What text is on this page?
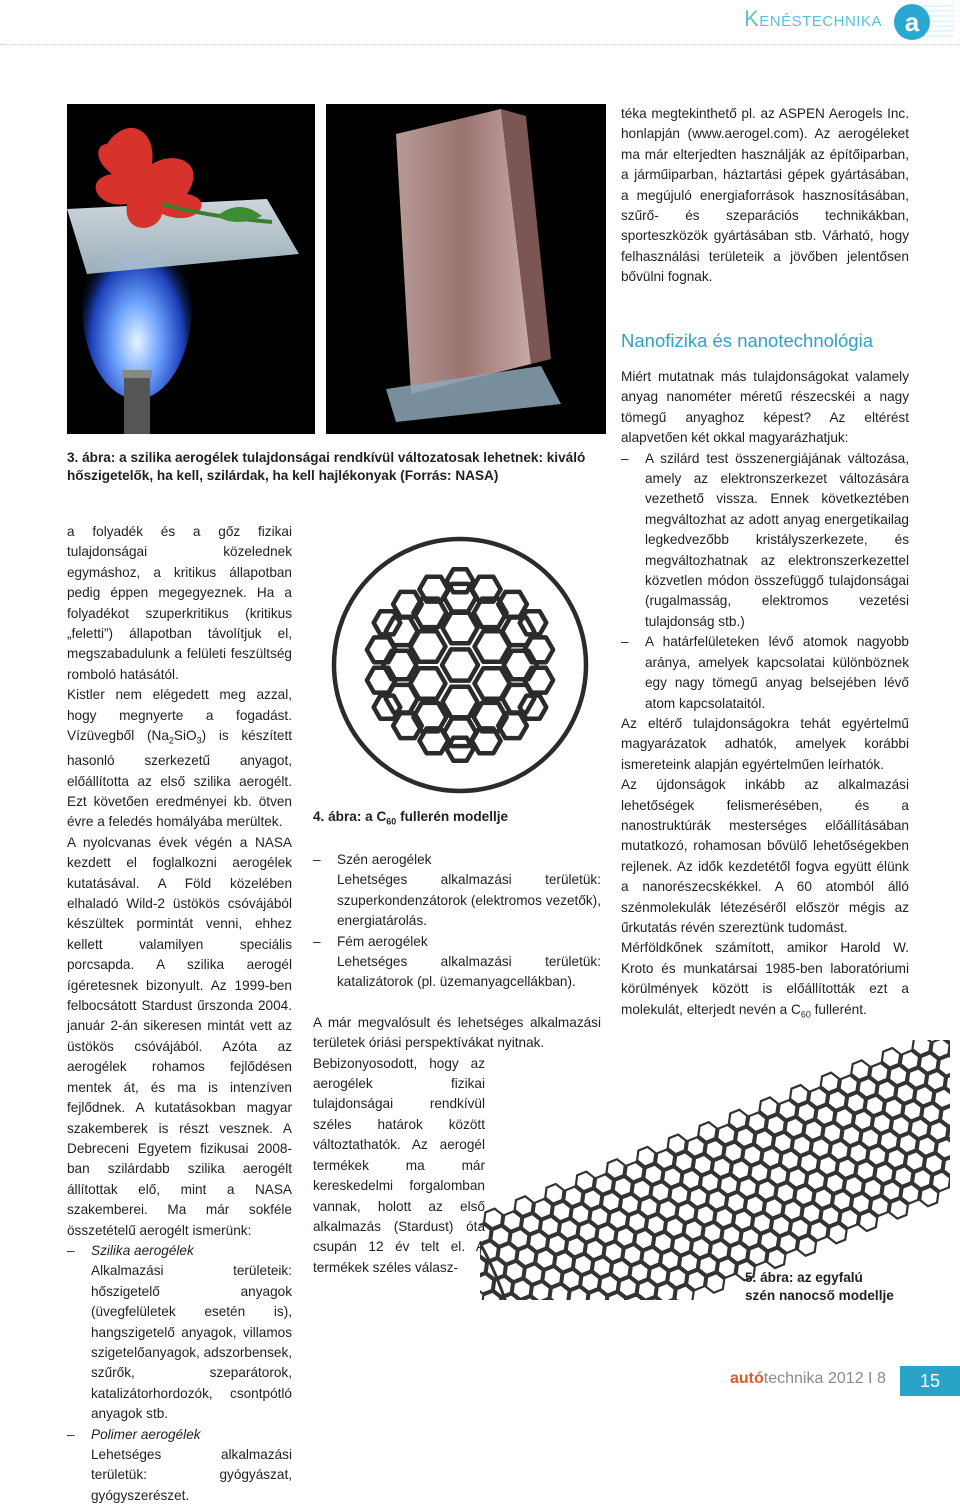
Kenéstechnika a
3. ábra: a szilika aerogélek tulajdonságai rendkívül változatosak lehetnek: kiváló hőszigetelők, ha kell, szilárdak, ha kell hajlékonyak (Forrás: NASA)

a folyadék és a gőz fizikai tulajdonságai közelednek egymáshoz, a kritikus állapotban pedig éppen megegyeznek. Ha a folyadékot szuperkritikus (kritikus „feletti”) állapotban távolítjuk el, megszabadulunk a felületi feszültség romboló hatásától.

Kistler nem elégedett meg azzal, hogy megnyerte a fogadást. Vízüvegből $(Na_2SiO_3)$ is készített hasonló szerkezetű anyagot, előállította az első szilika aerogélt. Ezt követően eredményei kb. ötven évre a feledés homályába merültek.

A nyolcvanas évek végén a NASA kezdett el foglalkozni aerogélek kutatásával. A Föld közelében elhaladó Wild-2 üstökös csóvájából készültek pormintát venni, ehhez kellett valamilyen speciális porcsapda. A szilika aerogél ígéretesnek bizonyult. Az 1999-ben felbocsátott Stardust űrszonda 2004. január 2-án sikeresen mintát vett az üstökös csóvájából. Azóta az aerogélek rohamos fejlődésen mentek át, és ma is intenzíven fejlődnek. A kutatásokban magyar szakemberek is részt vesznek. A Debreceni Egyetem fizikusai 2008-ban szilárdabb szilika aerogélt állítottak elő, mint a NASA szakemberei. Ma már sokféle összetételű aerogélt ismerünk:

– Szilika aerogélek

Alkalmazási területeik: hőszigetelő anyagok (üvegfelületek esetén is), hangszigetelő anyagok, villamos szigetelőanyagok, adszorbensek, szűrők, szeparátorok, katalizátorhordozók, csontpótló anyagok stb.

– Polimer aerogélek

Lehetséges alkalmazási területük: gyógyászat, gyógyszerészet.

4. ábra: a $C_{60}$ fullerén modellje

– Szén aerogélek

Lehetséges alkalmazási területük: szuperkondenzátorok (elektromos vezetők), energiatárolás.

– Fém aerogélek

Lehetséges alkalmazási területük: katalizátorok (pl. üzemanyagcellákban).

A már megvalósult és lehetséges alkalmazási területek óriási perspektívákat nyitnak.

Bebizonyosodott, hogy az aerogélek fizikai tulajdonságai rendkívül széles határok között változtathatók. Az aerogél termékek ma már kereskedelmi forgalomban vannak, holott az első alkalmazás (Stardust) óta csupán 12 év telt el. A termékek széles válasz-

5. ábra: az egyfalú
szén nanocső modellje

téka megtekinthető pl. az ASPEN Aerogels Inc. honlapján (www.aerogel.com). Az aerogéleket ma már elterjedten használják az építőiparban, a járműiparban, háztartási gépek gyártásában, a megújuló energiaforrások hasznosításában, szűrő- és szeparációs technikákban, sporteszközök gyártásában stb. Várható, hogy felhasználási területeik a jövőben jelentősen bővülni fognak.

Nanofizika és nanotechnológia

Miért mutatnak más tulajdonságokat valamely anyag nanométer méretű részecskéi a nagy tömegű anyaghoz képest? Az eltérést alapvetően két okkal magyarázhatjuk:

– A szilárd test összenergiájának változása, amely az elektronszerkezet változására vezethető vissza. Ennek következtében megváltozhat az adott anyag energetikailag legkedvezőbb kristályszerkezete, és megváltozhatnak az elektronszerkezettel közvetlen módon összefüggő tulajdonságai (rugalmasság, elektromos vezetési tulajdonság stb.)

– A határfelületeken lévő atomok nagyobb aránya, amelyek kapcsolatai különböznek egy nagy tömegű anyag belsejében lévő atom kapcsolataitól.

Az eltérő tulajdonságokra tehát egyértelmű magyarázatok adhatók, amelyek korábbi ismereteink alapján egyértelműen leírhatók.

Az újdonságok inkább az alkalmazási lehetőségek felismerésében, és a nanostruktúrák mesterséges előállításában mutatkozó, rohamosan bővülő lehetőségekben rejlenek. Az idők kezdetétől fogva együtt élünk a nanorészecskékkel. A 60 atomból álló szénmolekulák létezéséről először mégis az űrkutatás révén szereztünk tudomást.

Mérföldkőnek számított, amikor Harold W. Kroto és munkatársai 1985-ben laboratóriumi körülmények között is előállították ezt a molekulát, elterjedt nevén a $C_{60}$ fullerént.

autótechnika 2012 I 8	15
